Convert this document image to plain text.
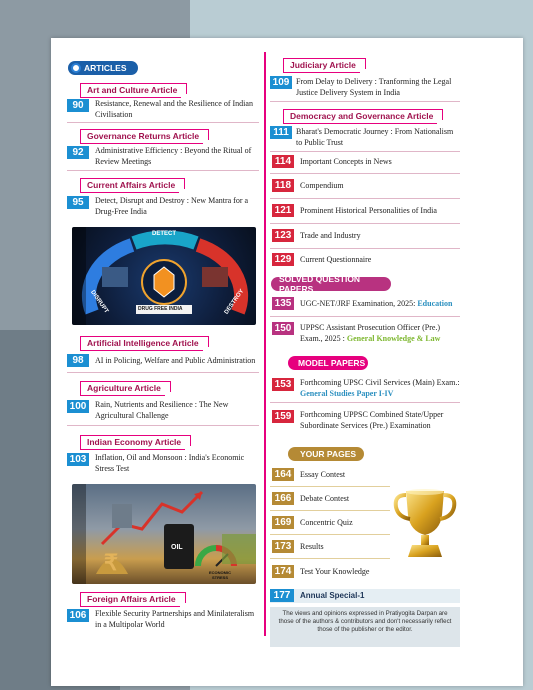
ARTICLES
Art and Culture Article
90	Resistance, Renewal and the Resilience of Indian
Civilisation
Governance Returns Article
92	Administrative Efficiency : Beyond the Ritual of
Review Meetings
Current Affairs Article
95	Detect, Disrupt and Destroy : New Mantra for a
Drug-Free India
DETECT
DISRUPT	DESTROY
DRUG FREE INDIA
Artificial Intelligence Article
98	AI in Policing, Welfare and Public Administration
Agriculture Article
100	Rain, Nutrients and Resilience : The New
Agricultural Challenge
Indian Economy Article
103	Inflation, Oil and Monsoon : India's Economic
Stress Test
₹
OIL
ECONOMIC STRESS
Foreign Affairs Article
106	Flexible Security Partnerships and Minilateralism
in a Multipolar World
Judiciary Article
109 From Delay to Delivery : Tranforming the Legal
Justice Delivery System in India
Democracy and Governance Article
111 Bharat's Democratic Journey : From Nationalism
to Public Trust
114	Important Concepts in News
118	Compendium
121	Prominent Historical Personalities of India
123	Trade and Industry
129	Current Questionnaire
SOLVED QUESTION PAPERS
135	UGC-NET/JRF Examination, 2025: Education
150	UPPSC Assistant Prosecution Officer (Pre.)
Exam., 2025 : General Knowledge & Law
MODEL PAPERS
153	Forthcoming UPSC Civil Services (Main) Exam.:
General Studies Paper I-IV
159	Forthcoming UPPSC Combined State/Upper
Subordinate Services (Pre.) Examination
YOUR PAGES
164	Essay Contest
166	Debate Contest
169	Concentric Quiz
173	Results
174	Test Your Knowledge
177	Annual Special-1
The views and opinions expressed in Pratiyogita Darpan are those of the authors & contributors and don't necessarily reflect those of the publisher or the editor.
